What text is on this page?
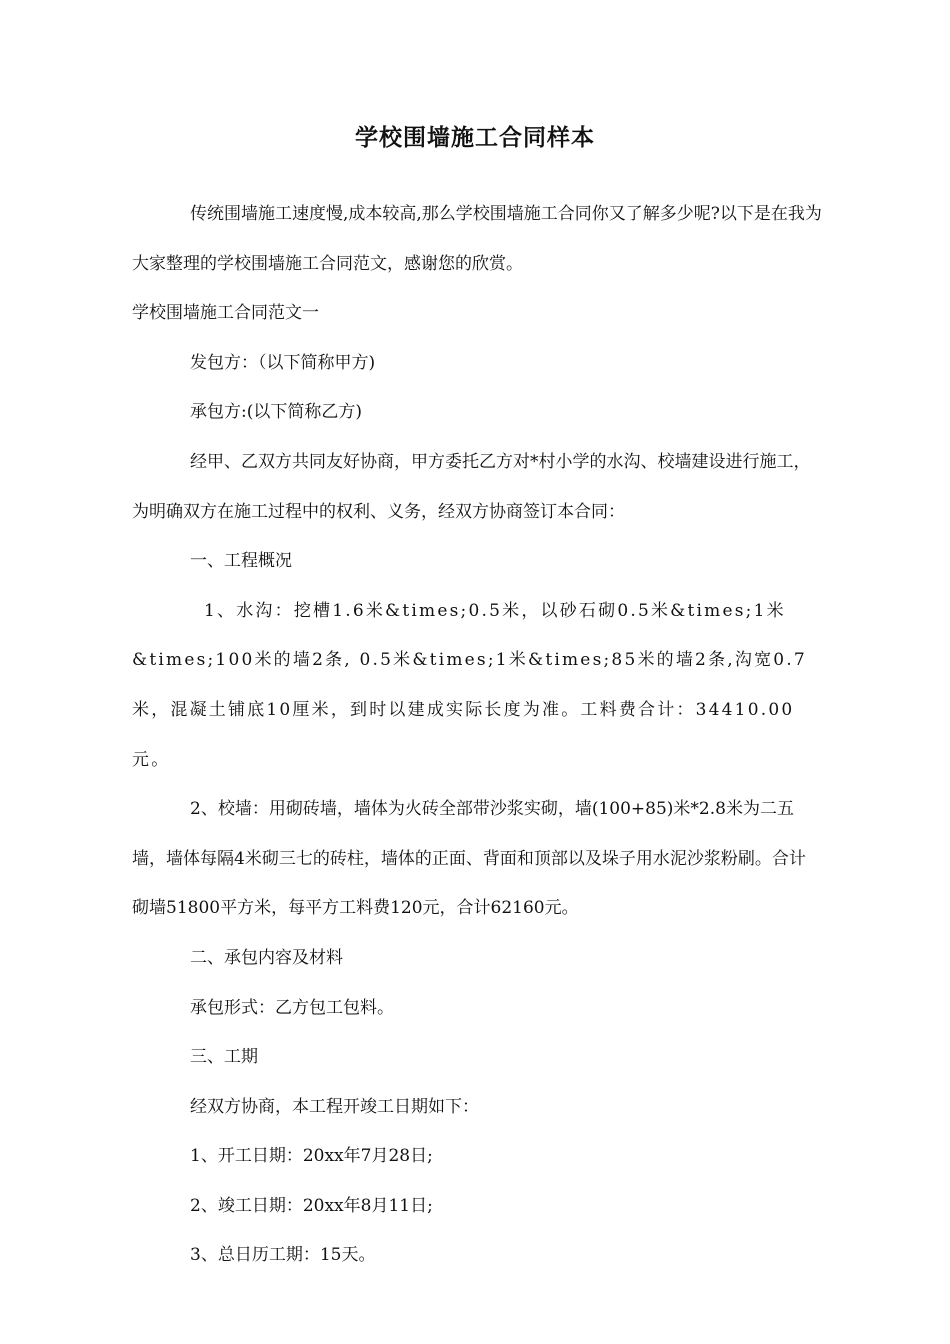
学校围墙施工合同样本

传统围墙施工速度慢,成本较高,那么学校围墙施工合同你又了解多少呢?以下是在我为大家整理的学校围墙施工合同范文，感谢您的欣赏。

学校围墙施工合同范文一

发包方：（以下简称甲方)

承包方:(以下简称乙方)

经甲、乙双方共同友好协商，甲方委托乙方对*村小学的水沟、校墙建设进行施工，为明确双方在施工过程中的权利、义务，经双方协商签订本合同：

一、工程概况

1、水沟：挖槽1.6米&times;0.5米，以砂石砌0.5米&times;1米&times;100米的墙2条, 0.5米&times;1米&times;85米的墙2条,沟宽0.7米，混凝土铺底10厘米，到时以建成实际长度为准。工料费合计：34410.00元。

2、校墙：用砌砖墙，墙体为火砖全部带沙浆实砌，墙(100+85)米*2.8米为二五墙，墙体每隔4米砌三七的砖柱，墙体的正面、背面和顶部以及垛子用水泥沙浆粉刷。合计砌墙51800平方米，每平方工料费120元，合计62160元。

二、承包内容及材料

承包形式：乙方包工包料。

三、工期

经双方协商，本工程开竣工日期如下：

1、开工日期：20xx年7月28日;

2、竣工日期：20xx年8月11日;

3、总日历工期：15天。
